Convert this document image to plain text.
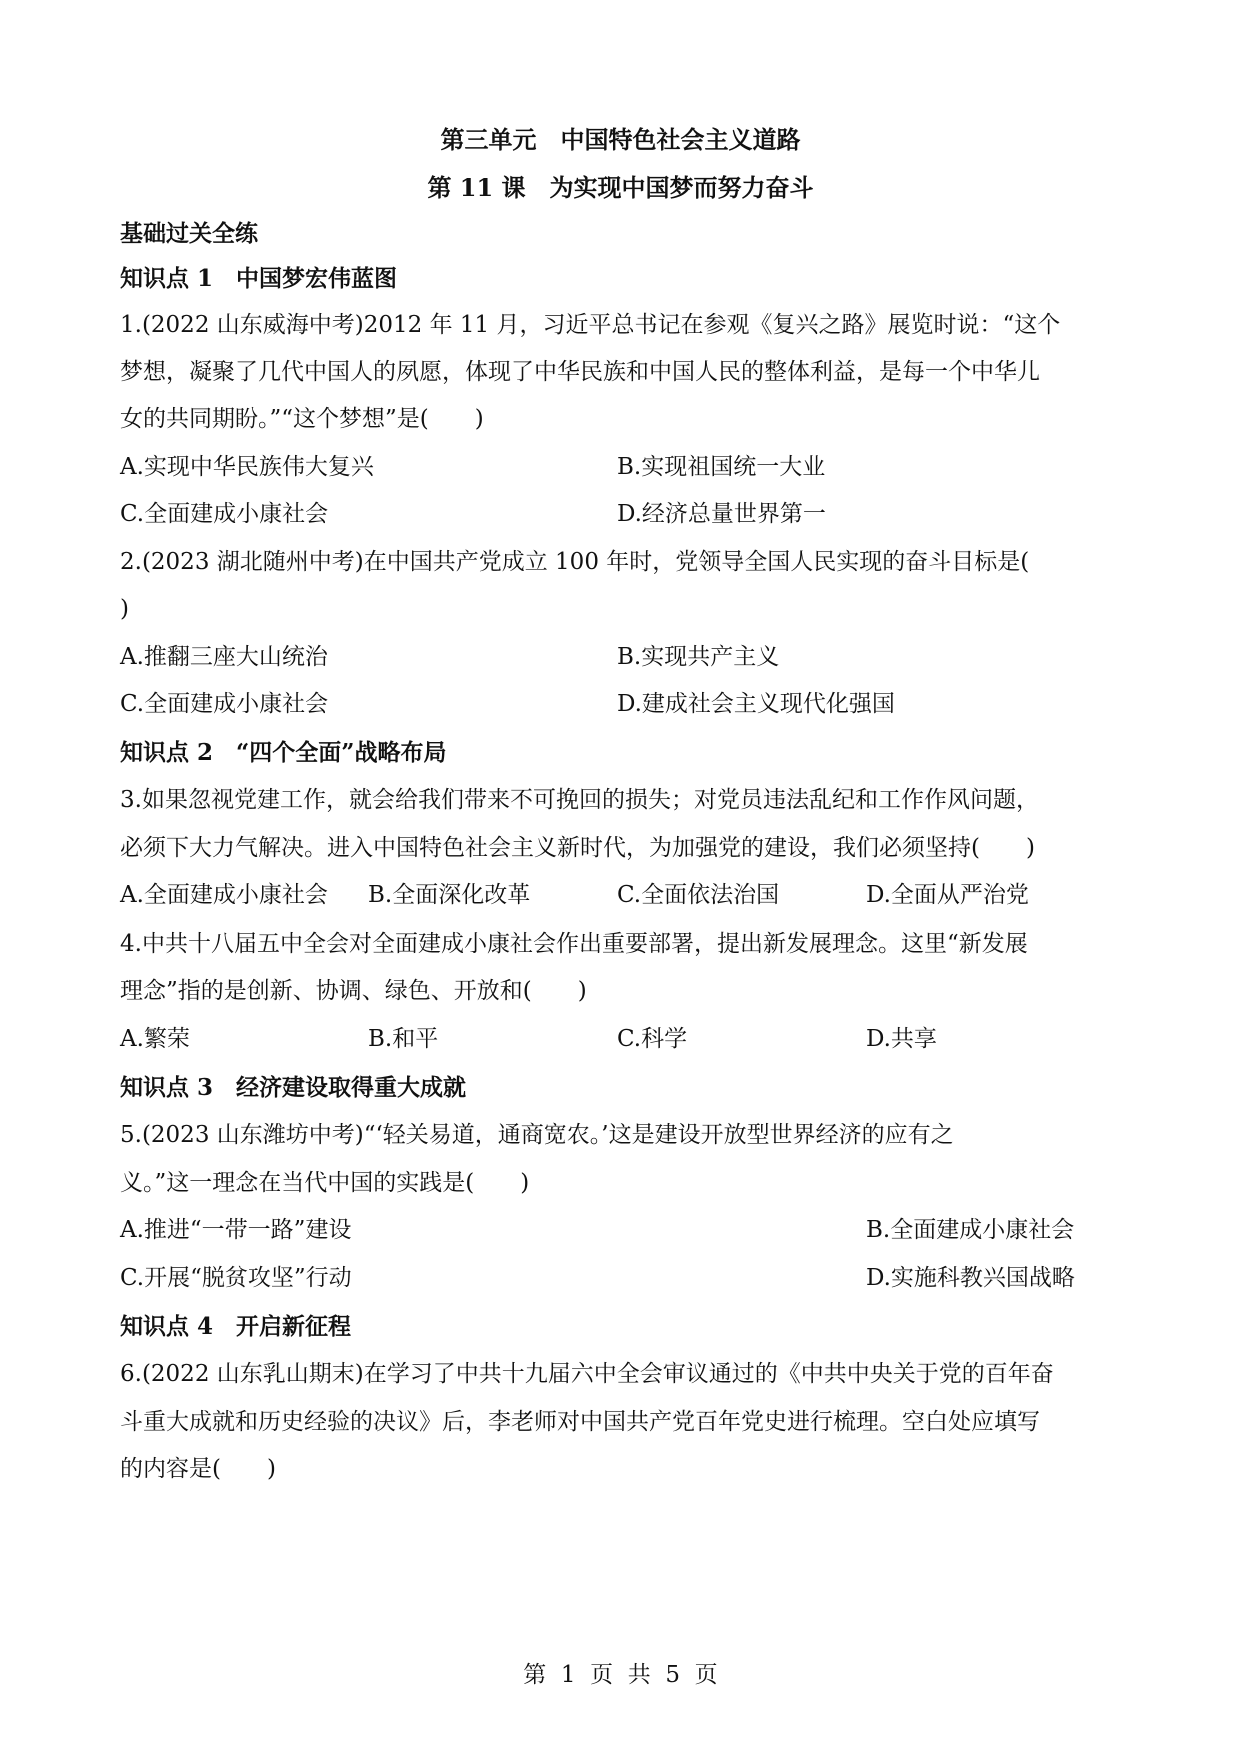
第三单元　中国特色社会主义道路
第 11 课　为实现中国梦而努力奋斗
基础过关全练
知识点 1　中国梦宏伟蓝图
1.(2022 山东威海中考)2012 年 11 月，习近平总书记在参观《复兴之路》展览时说：“这个
梦想，凝聚了几代中国人的夙愿，体现了中华民族和中国人民的整体利益，是每一个中华儿
女的共同期盼。”“这个梦想”是(　　)
A.实现中华民族伟大复兴	B.实现祖国统一大业
C.全面建成小康社会	D.经济总量世界第一
2.(2023 湖北随州中考)在中国共产党成立 100 年时，党领导全国人民实现的奋斗目标是(
)
A.推翻三座大山统治	B.实现共产主义
C.全面建成小康社会	D.建成社会主义现代化强国
知识点 2　“四个全面”战略布局
3.如果忽视党建工作，就会给我们带来不可挽回的损失；对党员违法乱纪和工作作风问题，
必须下大力气解决。进入中国特色社会主义新时代，为加强党的建设，我们必须坚持(　　)
A.全面建成小康社会 B.全面深化改革	C.全面依法治国	D.全面从严治党
4.中共十八届五中全会对全面建成小康社会作出重要部署，提出新发展理念。这里“新发展
理念”指的是创新、协调、绿色、开放和(　　)
A.繁荣	B.和平	C.科学	D.共享
知识点 3　经济建设取得重大成就
5.(2023 山东潍坊中考)“‘轻关易道，通商宽农。’这是建设开放型世界经济的应有之
义。”这一理念在当代中国的实践是(　　)
A.推进“一带一路”建设	B.全面建成小康社会
C.开展“脱贫攻坚”行动	D.实施科教兴国战略
知识点 4　开启新征程
6.(2022 山东乳山期末)在学习了中共十九届六中全会审议通过的《中共中央关于党的百年奋
斗重大成就和历史经验的决议》后，李老师对中国共产党百年党史进行梳理。空白处应填写
的内容是(　　)
第  1  页  共  5  页
